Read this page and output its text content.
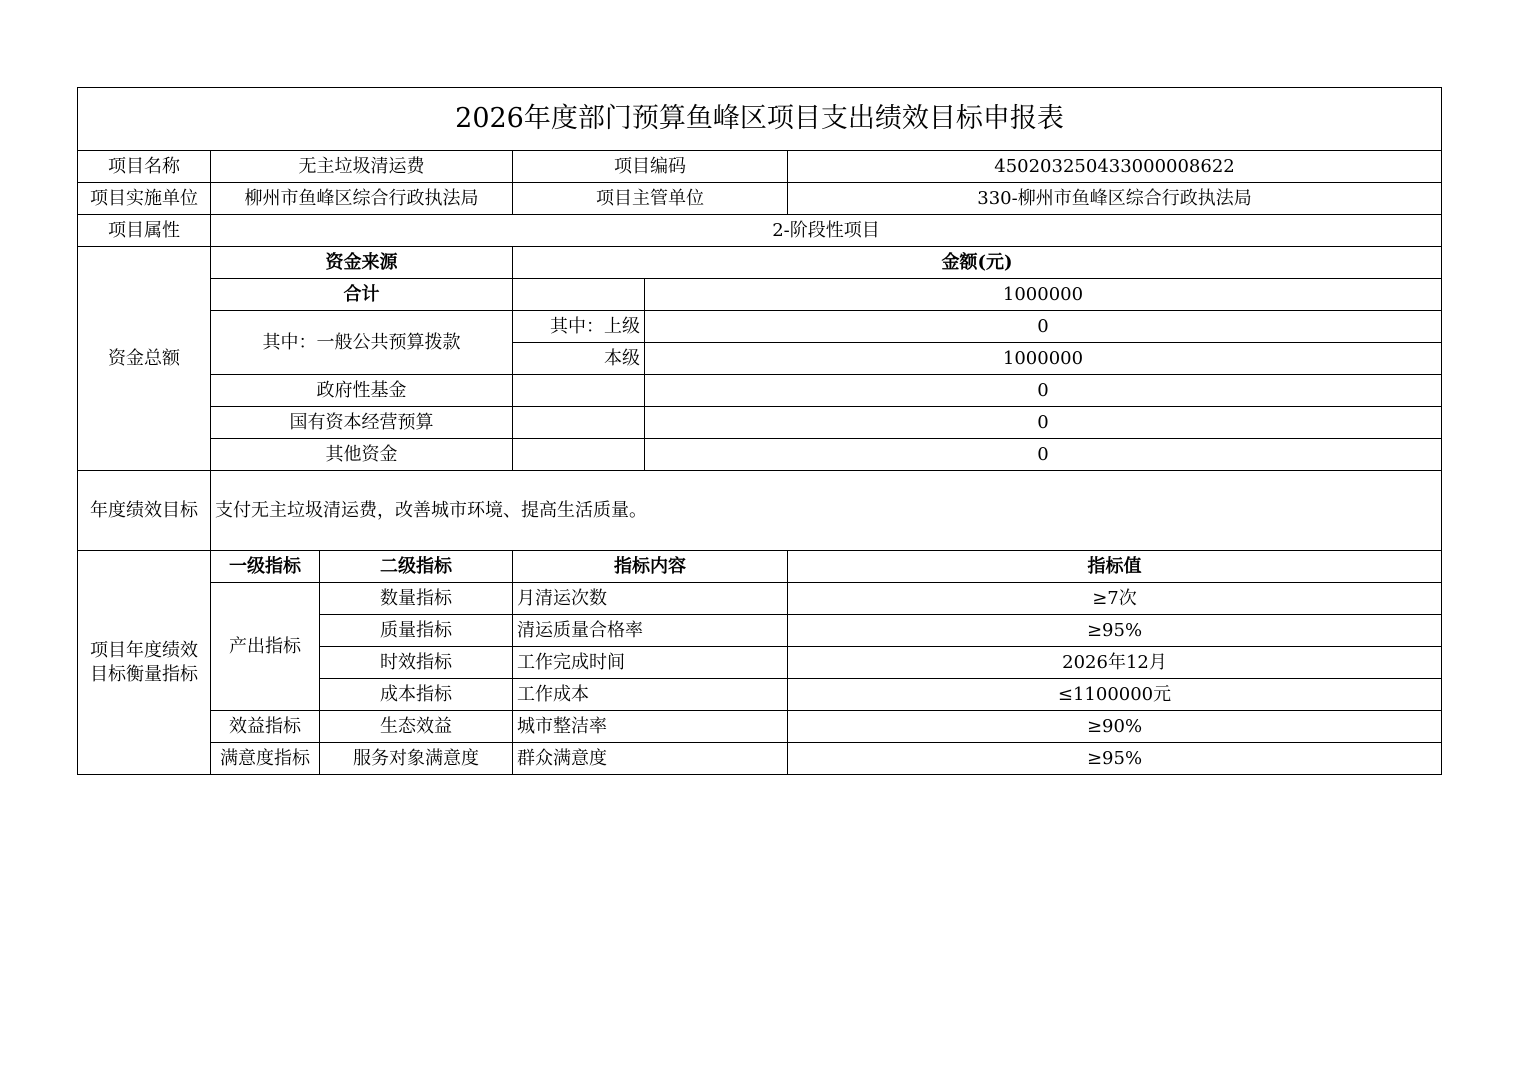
2026年度部门预算鱼峰区项目支出绩效目标申报表					
项目名称	无主垃圾清运费		项目编码		450203250433000008622
项目实施单位	柳州市鱼峰区综合行政执法局		项目主管单位		330-柳州市鱼峰区综合行政执法局
项目属性	2-阶段性项目				
资金总额	资金来源		金额(元)		
	合计			1000000	
	其中：一般公共预算拨款		其中：上级	0	
			本级	1000000	
	政府性基金			0	
	国有资本经营预算			0	
	其他资金			0	
年度绩效目标	支付无主垃圾清运费，改善城市环境、提高生活质量。				
项目年度绩效目标衡量指标	一级指标	二级指标	指标内容		指标值
	产出指标	数量指标	月清运次数		≥7次
		质量指标	清运质量合格率		≥95%
		时效指标	工作完成时间		2026年12月
		成本指标	工作成本		≤1100000元
	效益指标	生态效益	城市整洁率		≥90%
	满意度指标	服务对象满意度	群众满意度		≥95%
